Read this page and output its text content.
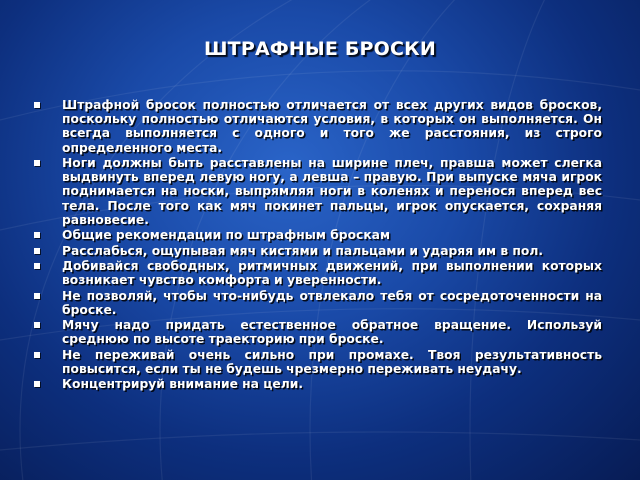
ШТРАФНЫЕ БРОСКИ
Штрафной бросок полностью отличается от всех других видов бросков, поскольку полностью отличаются условия, в которых он выполняется. Он всегда выполняется с одного и того же расстояния, из строго определенного места.
Ноги должны быть расставлены на ширине плеч, правша может слегка выдвинуть вперед левую ногу, а левша – правую. При выпуске мяча игрок поднимается на носки, выпрямляя ноги в коленях и перенося вперед вес тела. После того как мяч покинет пальцы, игрок опускается, сохраняя равновесие.
Общие рекомендации по штрафным броскам
Расслабься, ощупывая мяч кистями и пальцами и ударяя им в пол.
Добивайся свободных, ритмичных движений, при выполнении которых возникает чувство комфорта и уверенности.
Не позволяй, чтобы что-нибудь отвлекало тебя от сосредоточенности на броске.
Мячу надо придать естественное обратное вращение. Используй среднюю по высоте траекторию при броске.
Не переживай очень сильно при промахе. Твоя результативность повысится, если ты не будешь чрезмерно переживать неудачу.
Концентрируй внимание на цели.
